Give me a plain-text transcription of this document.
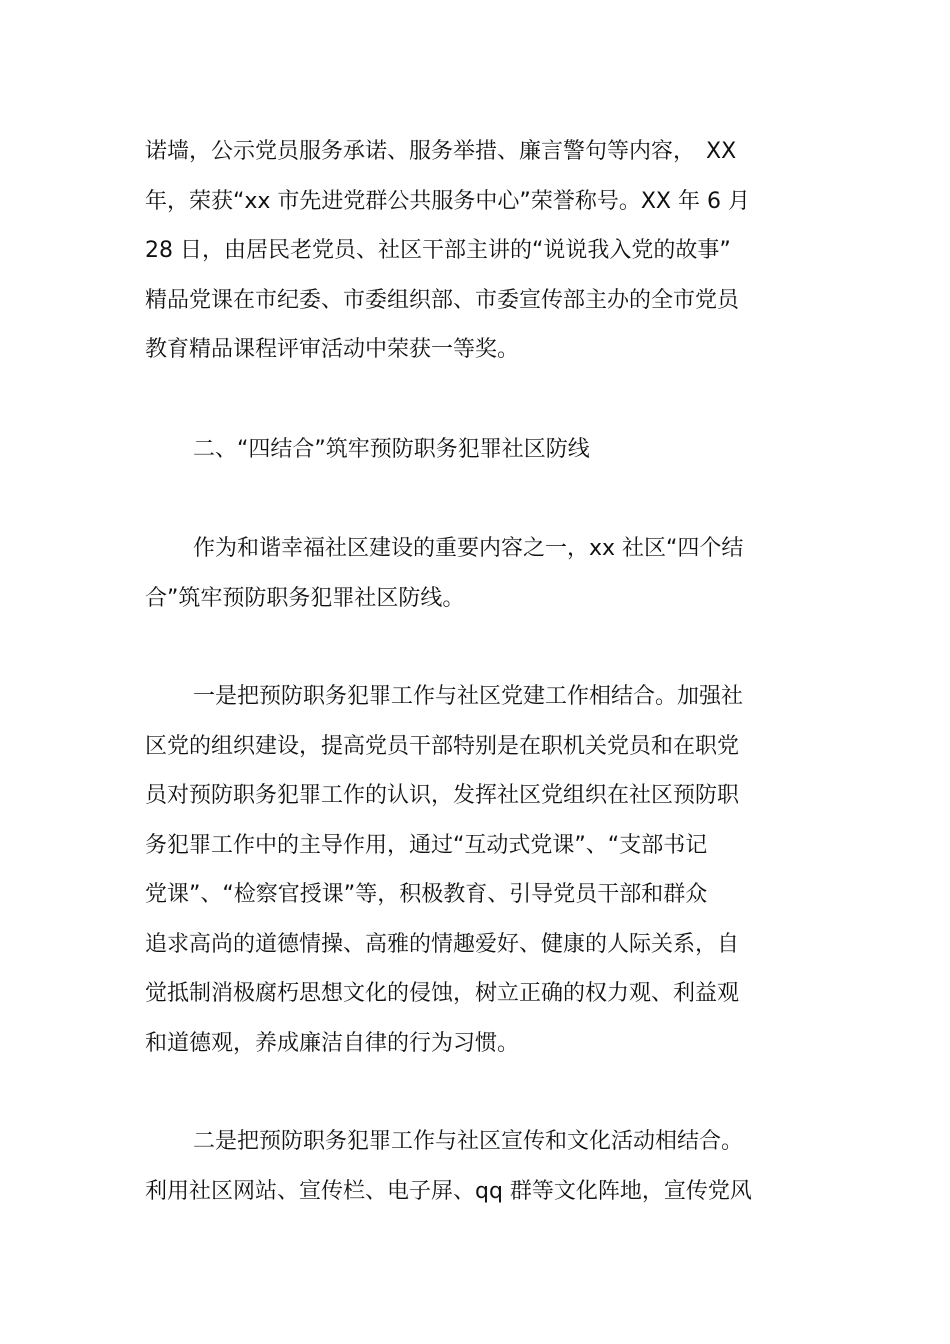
诺墙，公示党员服务承诺、服务举措、廉言警句等内容，　XX
年，荣获“xx 市先进党群公共服务中心”荣誉称号。XX 年 6 月
28 日，由居民老党员、社区干部主讲的“说说我入党的故事”
精品党课在市纪委、市委组织部、市委宣传部主办的全市党员
教育精品课程评审活动中荣获一等奖。
二、“四结合”筑牢预防职务犯罪社区防线
作为和谐幸福社区建设的重要内容之一，xx 社区“四个结
合”筑牢预防职务犯罪社区防线。
一是把预防职务犯罪工作与社区党建工作相结合。加强社
区党的组织建设，提高党员干部特别是在职机关党员和在职党
员对预防职务犯罪工作的认识，发挥社区党组织在社区预防职
务犯罪工作中的主导作用，通过“互动式党课”、“支部书记
党课”、“检察官授课”等，积极教育、引导党员干部和群众
追求高尚的道德情操、高雅的情趣爱好、健康的人际关系，自
觉抵制消极腐朽思想文化的侵蚀，树立正确的权力观、利益观
和道德观，养成廉洁自律的行为习惯。
二是把预防职务犯罪工作与社区宣传和文化活动相结合。
利用社区网站、宣传栏、电子屏、qq 群等文化阵地，宣传党风
